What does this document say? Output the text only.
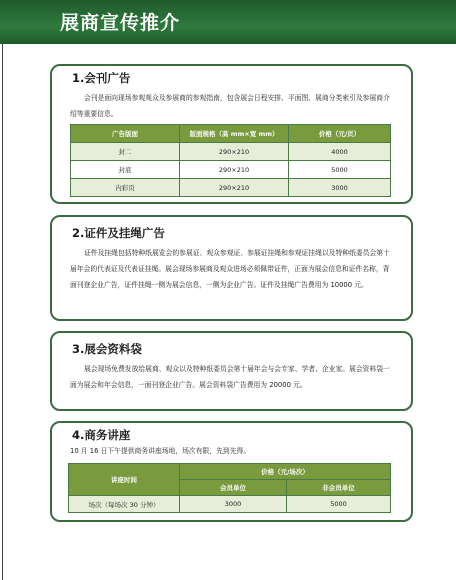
展商宣传推介
1.会刊广告
会刊是面向现场参观观众及参展商的参观指南，包含展会日程安排、平面图、展商分类索引及参展商介绍等重要信息。
广告版面	版面规格（高 mm×宽 mm）	价格（元/页）
封二	290×210	4000
封底	290×210	5000
内彩页	290×210	3000
2.证件及挂绳广告
证件及挂绳包括特种纸展览会的参展证、观众参观证、参展证挂绳和参观证挂绳以及特种纸委员会第十届年会的代表证及代表证挂绳。展会现场参展商及观众进场必须佩带证件，正面为展会信息和证件名称，背面刊登企业广告，证件挂绳一侧为展会信息，一侧为企业广告。证件及挂绳广告费用为 10000 元。
3.展会资料袋
展会现场免费发放给展商、观众以及特种纸委员会第十届年会与会专家、学者、企业家。展会资料袋一面为展会和年会信息，一面刊登企业广告。展会资料袋广告费用为 20000 元。
4.商务讲座
10 月 16 日下午提供商务讲座场地，场次有限，先到先得。
讲座时间	价格（元/场次）	
	会员单位	非会员单位
场次（每场次 30 分钟）	3000	5000
